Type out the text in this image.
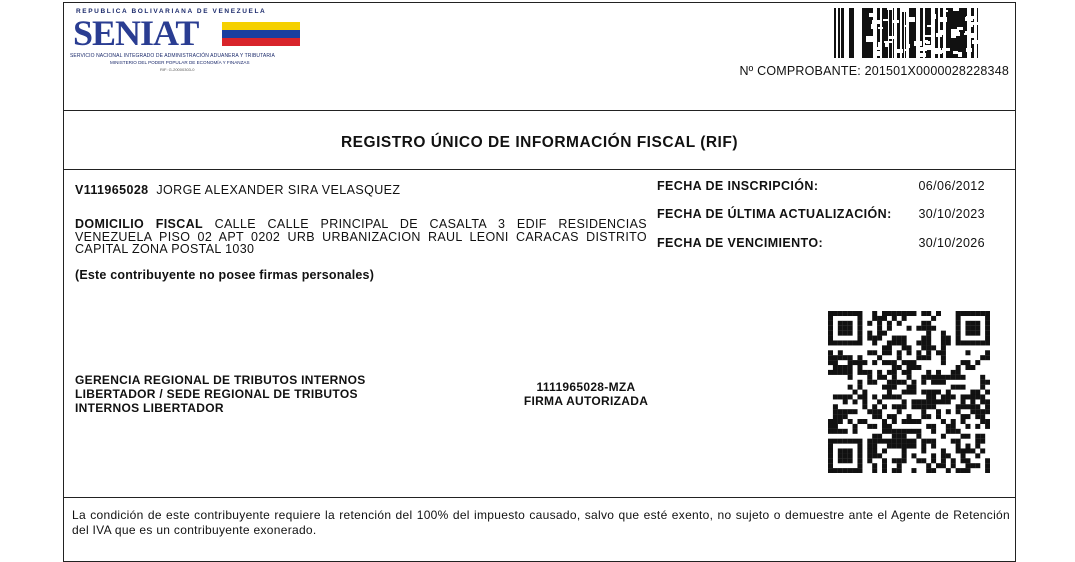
REPUBLICA BOLIVARIANA DE VENEZUELA
SENIAT
SERVICIO NACIONAL INTEGRADO DE ADMINISTRACIÓN ADUANERA Y TRIBUTARIA
MINISTERIO DEL PODER POPULAR DE ECONOMÍA Y FINANZAS
RIF: G-20000303-0	Nº COMPROBANTE: 201501X0000028228348
REGISTRO ÚNICO DE INFORMACIÓN FISCAL (RIF)
V111965028 JORGE ALEXANDER SIRA VELASQUEZ
DOMICILIO FISCAL CALLE CALLE PRINCIPAL DE CASALTA 3 EDIF RESIDENCIAS VENEZUELA PISO 02 APT 0202 URB URBANIZACION RAUL LEONI CARACAS DISTRITO CAPITAL ZONA POSTAL 1030
(Este contribuyente no posee firmas personales)
FECHA DE INSCRIPCIÓN:	06/06/2012
FECHA DE ÚLTIMA ACTUALIZACIÓN: 30/10/2023
FECHA DE VENCIMIENTO:	30/10/2026
GERENCIA REGIONAL DE TRIBUTOS INTERNOS
LIBERTADOR / SEDE REGIONAL DE TRIBUTOS
INTERNOS LIBERTADOR
1111965028-MZA
FIRMA AUTORIZADA
La condición de este contribuyente requiere la retención del 100% del impuesto causado, salvo que esté exento, no sujeto o demuestre ante el Agente de Retención del IVA que es un contribuyente exonerado.
